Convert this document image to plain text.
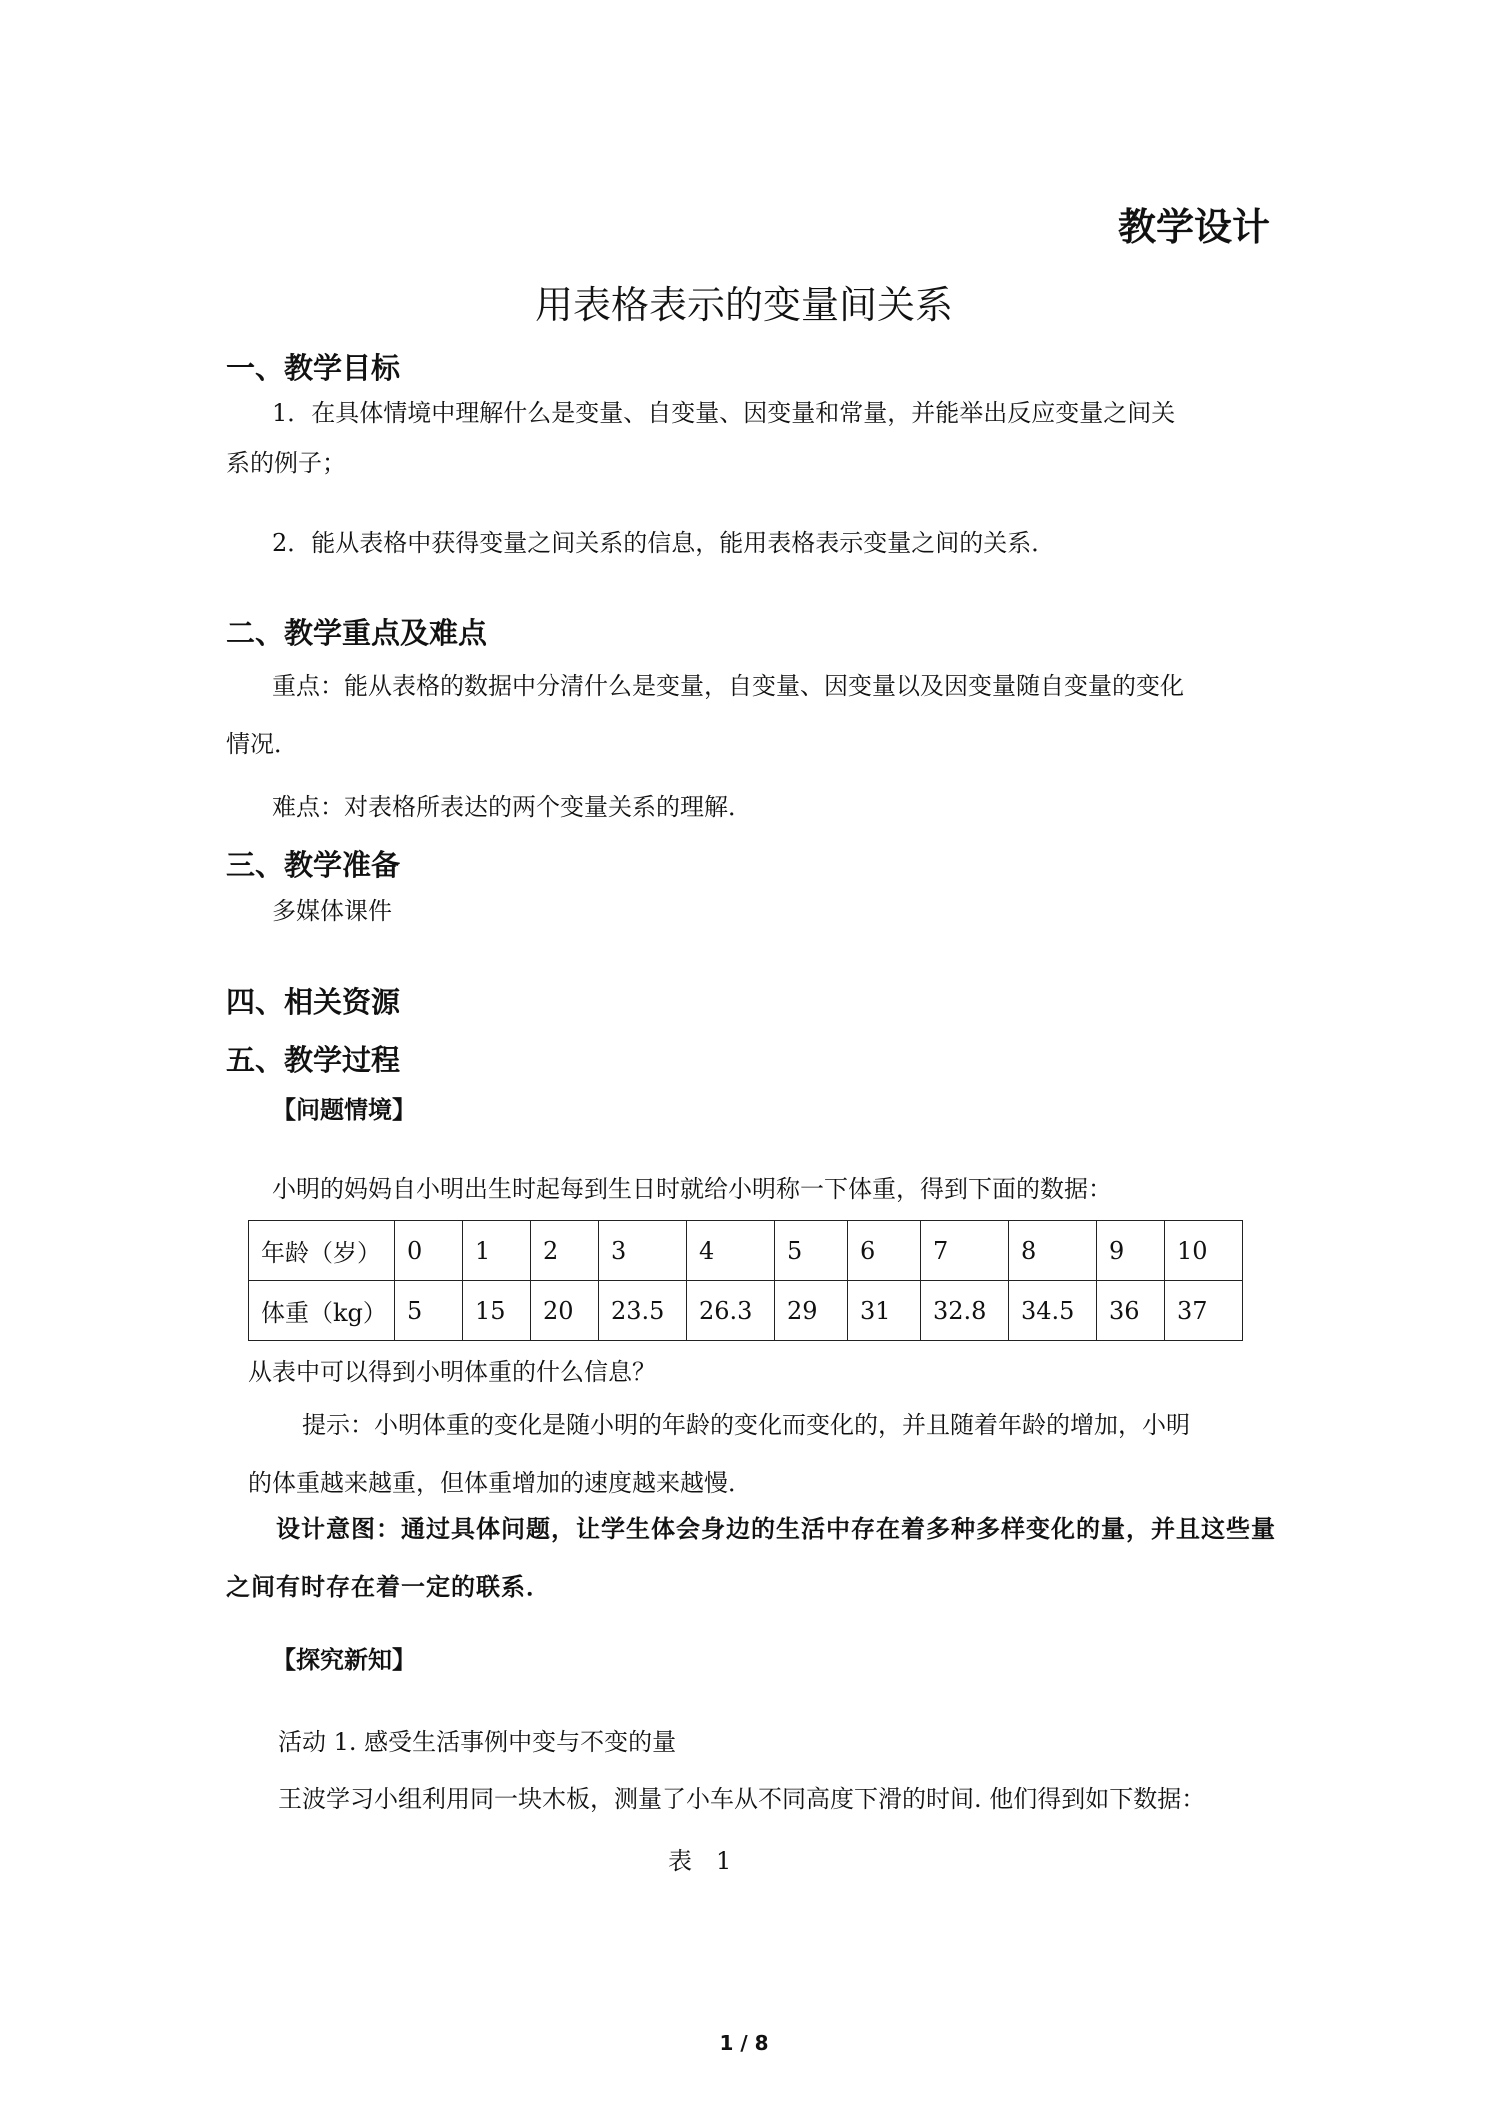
教学设计
用表格表示的变量间关系
一、教学目标
1．在具体情境中理解什么是变量、自变量、因变量和常量，并能举出反应变量之间关
系的例子；
2．能从表格中获得变量之间关系的信息，能用表格表示变量之间的关系．
二、教学重点及难点
重点：能从表格的数据中分清什么是变量，自变量、因变量以及因变量随自变量的变化
情况．
难点：对表格所表达的两个变量关系的理解．
三、教学准备
多媒体课件
四、相关资源
五、教学过程
【问题情境】
小明的妈妈自小明出生时起每到生日时就给小明称一下体重，得到下面的数据：
年龄（岁）	0	1	2	3	4	5	6	7	8	9	10
体重（kg）	5	15	20	23.5	26.3	29	31	32.8	34.5	36	37
从表中可以得到小明体重的什么信息？
提示：小明体重的变化是随小明的年龄的变化而变化的，并且随着年龄的增加，小明
的体重越来越重，但体重增加的速度越来越慢．
设计意图：通过具体问题，让学生体会身边的生活中存在着多种多样变化的量，并且这些量之间有时存在着一定的联系．
【探究新知】
活动 1. 感受生活事例中变与不变的量
王波学习小组利用同一块木板，测量了小车从不同高度下滑的时间. 他们得到如下数据：
表　1
1 / 8
